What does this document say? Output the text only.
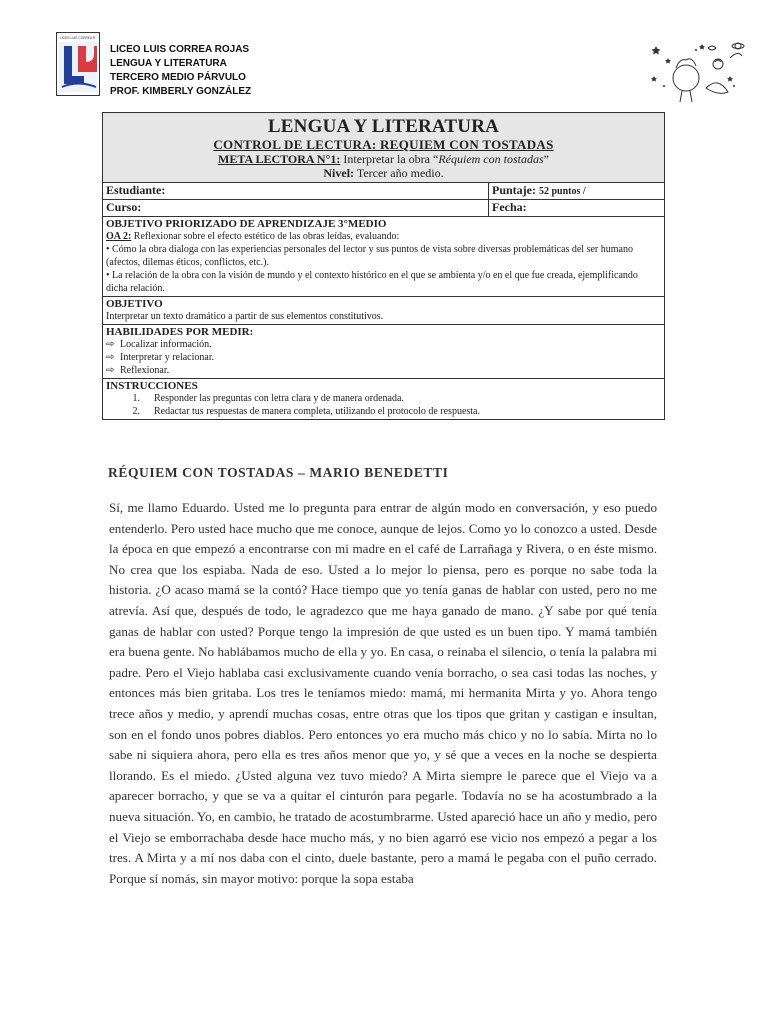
LICEO LUIS CORREA R.
LICEO LUIS CORREA ROJAS
LENGUA Y LITERATURA
TERCERO MEDIO PÁRVULO
PROF. KIMBERLY GONZÁLEZ
LENGUA Y LITERATURA
CONTROL DE LECTURA: REQUIEM CON TOSTADAS
META LECTORA N°1: Interpretar la obra “Réquiem con tostadas”
Nivel: Tercer año medio.
Estudiante:	Puntaje: 52 puntos /
Curso:	Fecha:
OBJETIVO PRIORIZADO DE APRENDIZAJE 3°MEDIO
OA 2: Reflexionar sobre el efecto estético de las obras leídas, evaluando:
• Cómo la obra dialoga con las experiencias personales del lector y sus puntos de vista sobre diversas problemáticas del ser humano (afectos, dilemas éticos, conflictos, etc.).
• La relación de la obra con la visión de mundo y el contexto histórico en el que se ambienta y/o en el que fue creada, ejemplificando dicha relación.
OBJETIVO
Interpretar un texto dramático a partir de sus elementos constitutivos.
HABILIDADES POR MEDIR:
⇨ Localizar información.
⇨ Interpretar y relacionar.
⇨ Reflexionar.
INSTRUCCIONES
1. Responder las preguntas con letra clara y de manera ordenada.
2. Redactar tus respuestas de manera completa, utilizando el protocolo de respuesta.
RÉQUIEM CON TOSTADAS – MARIO BENEDETTI

Sí, me llamo Eduardo. Usted me lo pregunta para entrar de algún modo en conversación, y eso puedo entenderlo. Pero usted hace mucho que me conoce, aunque de lejos. Como yo lo conozco a usted. Desde la época en que empezó a encontrarse con mi madre en el café de Larrañaga y Rivera, o en éste mismo. No crea que los espiaba. Nada de eso. Usted a lo mejor lo piensa, pero es porque no sabe toda la historia. ¿O acaso mamá se la contó? Hace tiempo que yo tenía ganas de hablar con usted, pero no me atrevía. Así que, después de todo, le agradezco que me haya ganado de mano. ¿Y sabe por qué tenía ganas de hablar con usted? Porque tengo la impresión de que usted es un buen tipo. Y mamá también era buena gente. No hablábamos mucho de ella y yo. En casa, o reinaba el silencio, o tenía la palabra mi padre. Pero el Viejo hablaba casi exclusivamente cuando venía borracho, o sea casi todas las noches, y entonces más bien gritaba. Los tres le teníamos miedo: mamá, mi hermanita Mirta y yo. Ahora tengo trece años y medio, y aprendí muchas cosas, entre otras que los tipos que gritan y castigan e insultan, son en el fondo unos pobres diablos. Pero entonces yo era mucho más chico y no lo sabía. Mirta no lo sabe ni siquiera ahora, pero ella es tres años menor que yo, y sé que a veces en la noche se despierta llorando. Es el miedo. ¿Usted alguna vez tuvo miedo? A Mirta siempre le parece que el Viejo va a aparecer borracho, y que se va a quitar el cinturón para pegarle. Todavía no se ha acostumbrado a la nueva situación. Yo, en cambio, he tratado de acostumbrarme. Usted apareció hace un año y medio, pero el Viejo se emborrachaba desde hace mucho más, y no bien agarró ese vicio nos empezó a pegar a los tres. A Mirta y a mí nos daba con el cinto, duele bastante, pero a mamá le pegaba con el puño cerrado. Porque sí nomás, sin mayor motivo: porque la sopa estaba
